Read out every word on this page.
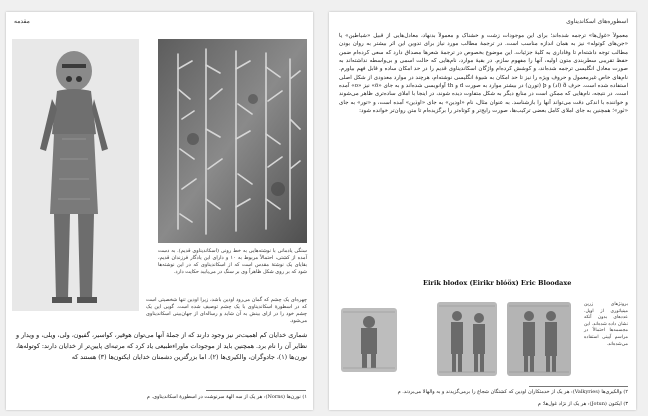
مقدمه
سنگی یادمانی با نوشته‌هایی به خط رونی (اسکاندیناوی قدیم). به دست آمده از کشتی، احتمالاً مربوط به ۱۰ و دارای این یادگار فرزندان قدیم، بقایای یک نوشتهٔ مقدس است که از اسکاندیناوی که در این نوشته‌ها شود که بر روی شکل ظاهراً وی بر سنگ در می‌یابید حکایت دارد.
چهره‌ای یک چشم که گمان می‌رود اودین باشد، زیرا اودین تنها شخصیتی است که در اسطورهٔ اسکاندیناوی با یک چشم توصیف شده است. گویی این یک چشم خود را در ازای بینش به آن شاید و رساله‌ای از جهان‌بینی اسکاندیناوی می‌شود.

شماری خدایان کم اهمیت‌تر نیز وجود دارند که از جملهٔ آنها می‌توان هوقیر، کواسیر، گفیون، ولی، ویلی، و ویدار و نظایر آن را نام برد. همچنین باید از موجودات ماوراءطبیعی یاد کرد که مرتبه‌ای پایین‌تر از خدایان دارند: کوتوله‌ها، نورن‌ها (۱)، جادوگران، والکیری‌ها (۲). اما بزرگترین دشمنان خدایان ایکتون‌ها (۳) هستند که

۱) نورن‌ها (Norns): هر یک از سه الههٔ سرنوشت در اسطورهٔ اسکاندیناوی. م
اسطوره‌های اسکاندیناوی

معمولاً «غول‌ها» ترجمه شده‌اند؛ برای این موجودات زشت و خشناک و معمولاً بدنهاد، معادل‌هایی از قبیل «شیاطین» یا «جن‌های کوتوله» نیز به همان اندازه مناسب است. در ترجمهٔ مطالب مورد نیاز برای تدوین این اثر بیشتر به روان بودن مطالب توجه داشته‌ام تا وفاداری به کلیهٔ جزئیات. این موضوع بخصوص در ترجمهٔ شعرها مصداق دارد که سعی کرده‌ام ضمن حفظ تقریبی سطربندی متون اولیه، آنها را مفهوم سازم. در بقیهٔ موارد، نام‌هایی که حالت اسمی و بی‌واسطه نداشته‌اند به صورت معادل انگلیسی ترجمه شده‌اند، و کوشش کرده‌ام واژگان اسکاندیناوی قدیم را در حد امکان ساده و قابل فهم بیاورم. نام‌های خاص غیرمعمول و حروف ویژه را نیز تا حد امکان به شیوهٔ انگلیسی نوشته‌ام، هرچند در موارد معدودی از شکل اصلی استفاده شده است. حرف ð (اد) و þ (تورن) در بیشتر موارد به صورت d و th آوانویسی شده‌اند و به جای «ö» نیز «o» آمده است. در نتیجه، نام‌هایی که ممکن است در منابع دیگر به شکل متفاوت دیده شوند، در اینجا با املای ساده‌تری ظاهر می‌شوند و خواننده با اندکی دقت می‌تواند آنها را بازشناسد. به عنوان مثال، نام «اودین» به جای «اوذین» آمده است، و «تور» به جای «ثور»؛ همچنین به جای املای کامل بعضی ترکیب‌ها، صورت رایج‌تر و کوتاه‌تر را برگزیده‌ام تا متن روان‌تر خوانده شود:

Eirik blodox (Eirikr blóöx) Eric Bloodaxe
برونژهای زرین مینیاتوری از اوپل. عدد‌های بدون آنکه نشان داده شده‌اند. این مجسمه‌ها احتمالاً در مراسم آیینی استفاده می‌شده‌اند.
۲) والکیری‌ها (Valkyries): هر یک از خدمتکاران اودین که کشتگان شجاع را برمی‌گزیدند و به والهالا می‌بردند. م
۳) ایکتون (Jotun): هر یک از نژاد غول‌ها؛ م
